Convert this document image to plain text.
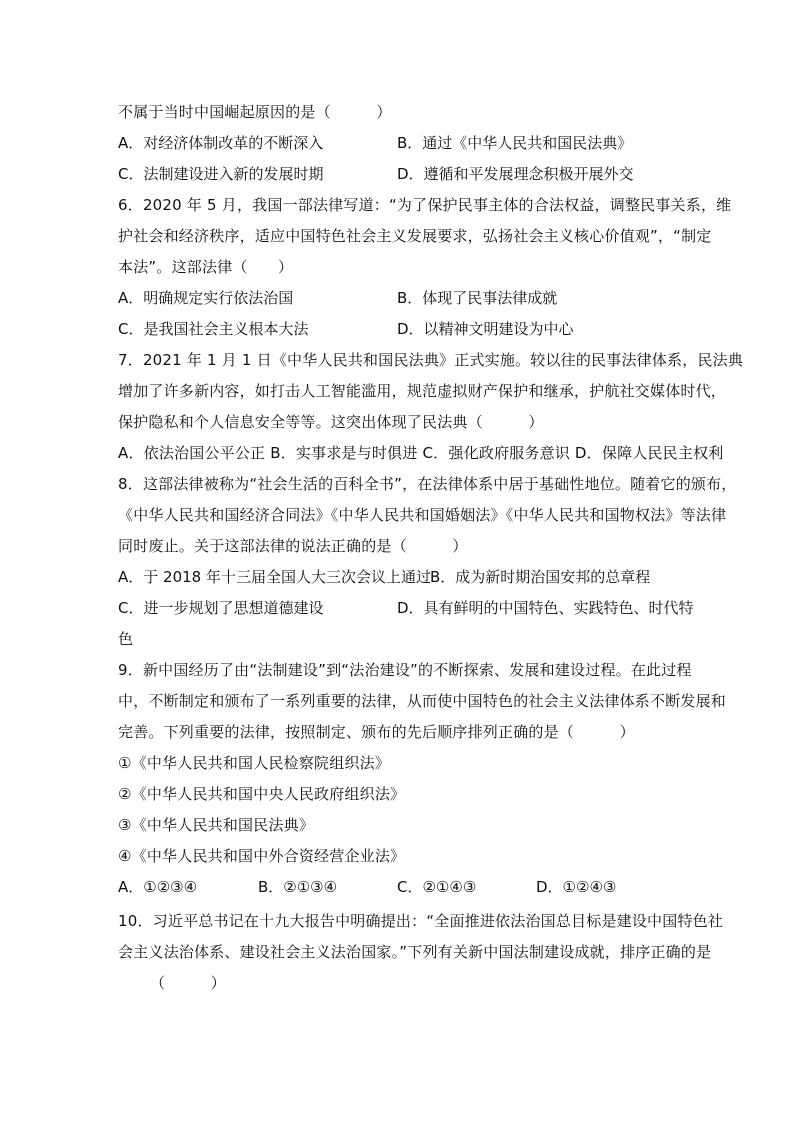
不属于当时中国崛起原因的是（　　　）
A．对经济体制改革的不断深入	B．通过《中华人民共和国民法典》
C．法制建设进入新的发展时期	D．遵循和平发展理念积极开展外交
6．2020 年 5 月，我国一部法律写道：“为了保护民事主体的合法权益，调整民事关系，维
护社会和经济秩序，适应中国特色社会主义发展要求，弘扬社会主义核心价值观”，“制定
本法”。这部法律（　　）
A．明确规定实行依法治国	B．体现了民事法律成就
C．是我国社会主义根本大法	D．以精神文明建设为中心
7．2021 年 1 月 1 日《中华人民共和国民法典》正式实施。较以往的民事法律体系，民法典
增加了许多新内容，如打击人工智能滥用，规范虚拟财产保护和继承，护航社交媒体时代，
保护隐私和个人信息安全等等。这突出体现了民法典（　　　）
A．依法治国公平公正 B．实事求是与时俱进 C．强化政府服务意识 D．保障人民民主权利
8．这部法律被称为“社会生活的百科全书”，在法律体系中居于基础性地位。随着它的颁布，
《中华人民共和国经济合同法》《中华人民共和国婚姻法》《中华人民共和国物权法》等法律
同时废止。关于这部法律的说法正确的是（　　　）
A．于 2018 年十三届全国人大三次会议上通过 B．成为新时期治国安邦的总章程
C．进一步规划了思想道德建设	D．具有鲜明的中国特色、实践特色、时代特
色
9．新中国经历了由“法制建设”到“法治建设”的不断探索、发展和建设过程。在此过程
中，不断制定和颁布了一系列重要的法律，从而使中国特色的社会主义法律体系不断发展和
完善。下列重要的法律，按照制定、颁布的先后顺序排列正确的是（　　　）
①《中华人民共和国人民检察院组织法》
②《中华人民共和国中央人民政府组织法》
③《中华人民共和国民法典》
④《中华人民共和国中外合资经营企业法》
A．①②③④	B．②①③④	C．②①④③	D．①②④③
10．习近平总书记在十九大报告中明确提出：“全面推进依法治国总目标是建设中国特色社
会主义法治体系、建设社会主义法治国家。”下列有关新中国法制建设成就，排序正确的是
（　　　）
